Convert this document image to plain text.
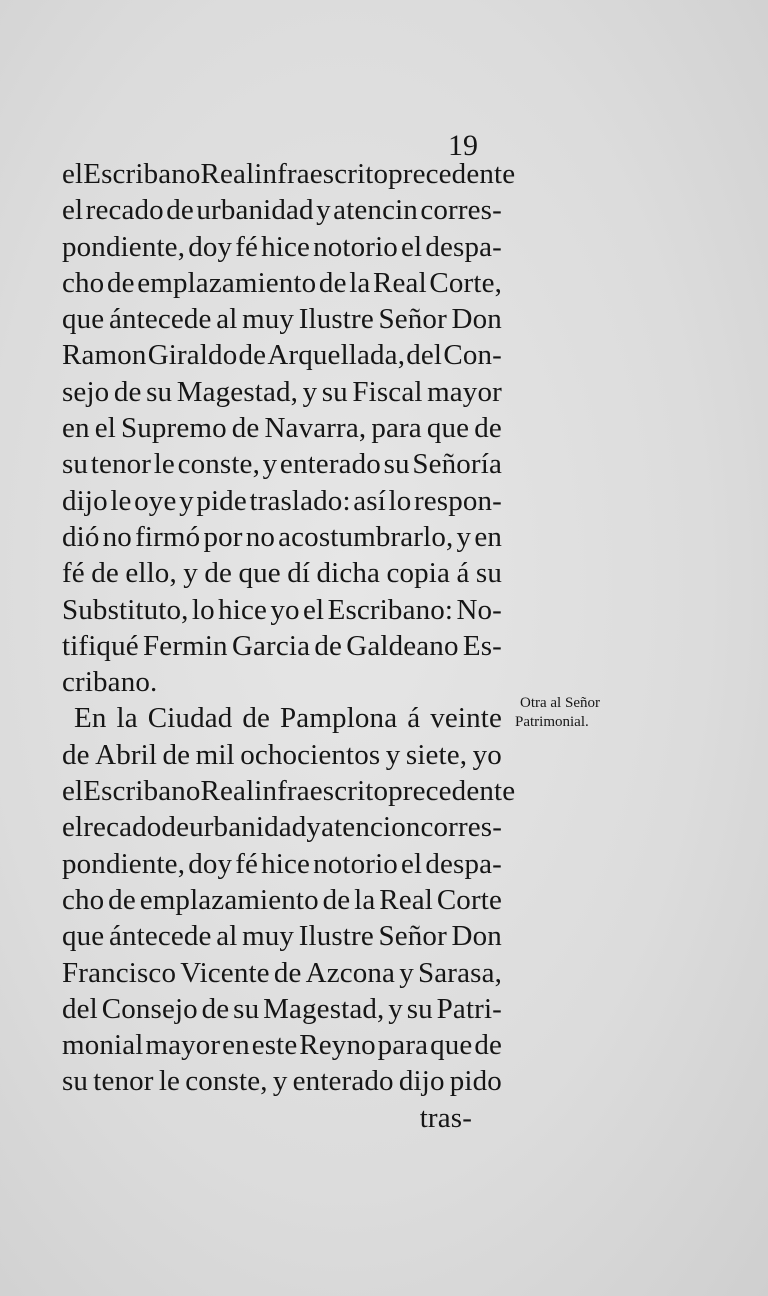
19
el Escribano Real infraescrito precedente
el recado de urbanidad y atencin corres-
pondiente, doy fé hice notorio el despa-
cho de emplazamiento de la Real Corte,
que ántecede al muy Ilustre Señor Don
Ramon Giraldo de Arquellada, del Con-
sejo de su Magestad, y su Fiscal mayor
en el Supremo de Navarra, para que de
su tenor le conste, y enterado su Señoría
dijo le oye y pide traslado: así lo respon-
dió no firmó por no acostumbrarlo, y en
fé de ello, y de que dí dicha copia á su
Substituto, lo hice yo el Escribano: No-
tifiqué Fermin Garcia de Galdeano Es-
cribano.
En la Ciudad de Pamplona á veinte
de Abril de mil ochocientos y siete, yo
el Escribano Real infraescrito precedente
el recado de urbanidad y atencion corres-
pondiente, doy fé hice notorio el despa-
cho de emplazamiento de la Real Corte
que ántecede al muy Ilustre Señor Don
Francisco Vicente de Azcona y Sarasa,
del Consejo de su Magestad, y su Patri-
monial mayor en este Reyno para que de
su tenor le conste, y enterado dijo pido
tras-
Otra al Señor
Patrimonial.
